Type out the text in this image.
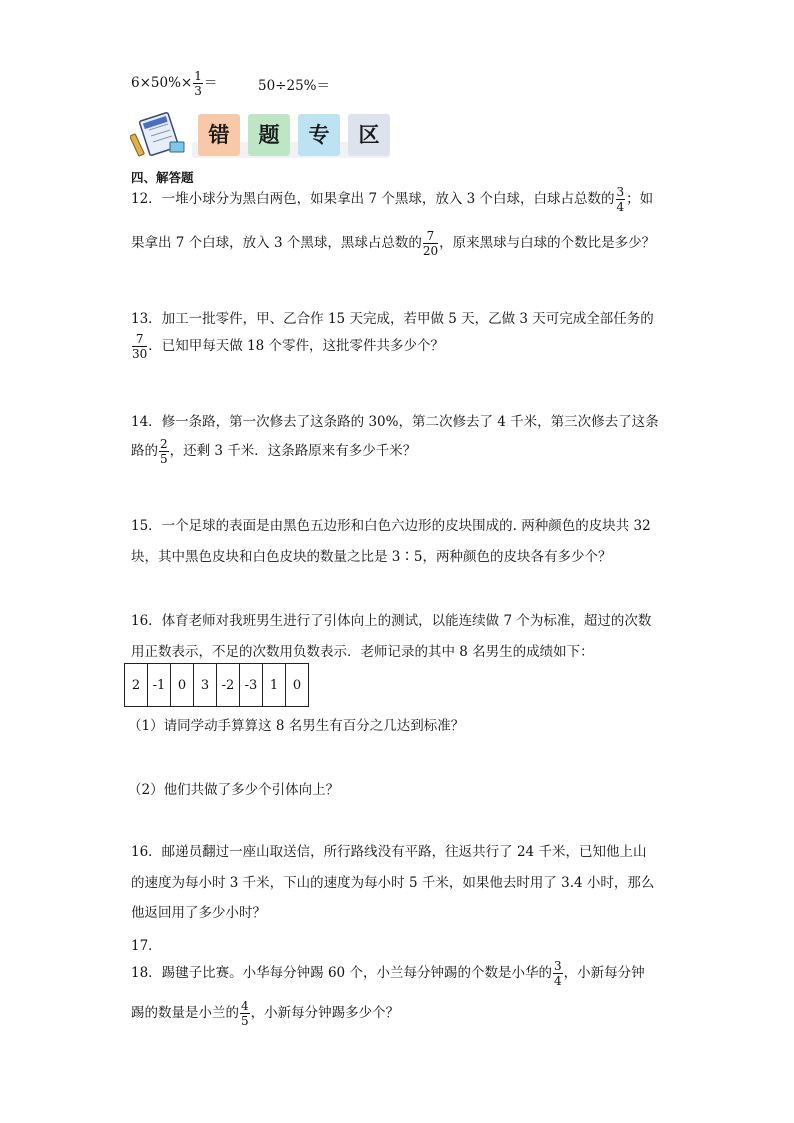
$6\times 50\%\times \frac{1}{3}$ ＝	50÷25%＝
错	题	专	区
四、解答题
12．一堆小球分为黑白两色，如果拿出 7 个黑球，放入 3 个白球，白球占总数的 $\frac{3}{4}$ ；如
果拿出 7 个白球，放入 3 个黑球，黑球占总数的 $\frac{7}{20}$ ，原来黑球与白球的个数比是多少？
13．加工一批零件，甲、乙合作 15 天完成，若甲做 5 天，乙做 3 天可完成全部任务的
$\frac{7}{30}$ ．已知甲每天做 18 个零件，这批零件共多少个？
14．修一条路，第一次修去了这条路的 30%，第二次修去了 4 千米，第三次修去了这条
路的 $\frac{2}{5}$ ，还剩 3 千米．这条路原来有多少千米？
15．一个足球的表面是由黑色五边形和白色六边形的皮块围成的. 两种颜色的皮块共 32
块，其中黑色皮块和白色皮块的数量之比是 3∶5，两种颜色的皮块各有多少个？
16．体育老师对我班男生进行了引体向上的测试，以能连续做 7 个为标准，超过的次数
用正数表示，不足的次数用负数表示．老师记录的其中 8 名男生的成绩如下：
2	-1	0	3	-2	-3	1	0
（1）请同学动手算算这 8 名男生有百分之几达到标准？
（2）他们共做了多少个引体向上？
16．邮递员翻过一座山取送信，所行路线没有平路，往返共行了 24 千米，已知他上山
的速度为每小时 3 千米，下山的速度为每小时 5 千米，如果他去时用了 3.4 小时，那么
他返回用了多少小时？
17．
18．踢毽子比赛。小华每分钟踢 60 个，小兰每分钟踢的个数是小华的 $\frac{3}{4}$ ，小新每分钟
踢的数量是小兰的 $\frac{4}{5}$ ，小新每分钟踢多少个？
